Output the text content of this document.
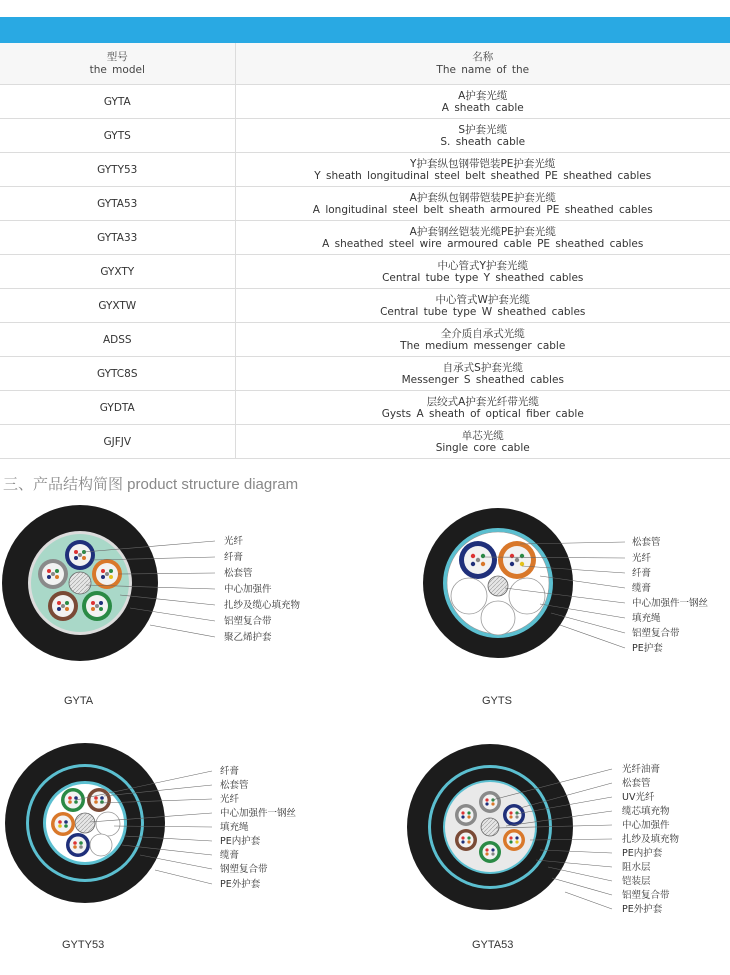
型号
the model	名称
The name of the

GYTA	A护套光缆
A sheath cable

GYTS	S护套光缆
S. sheath cable

GYTY53	Y护套纵包钢带铠装PE护套光缆
Y sheath longitudinal steel belt sheathed PE sheathed cables

GYTA53	A护套纵包钢带铠装PE护套光缆
A longitudinal steel belt sheath armoured PE sheathed cables

GYTA33	A护套钢丝铠装光缆PE护套光缆
A sheathed steel wire armoured cable PE sheathed cables

GYXTY	中心管式Y护套光缆
Central tube type Y sheathed cables

GYXTW	中心管式W护套光缆
Central tube type W sheathed cables

ADSS	全介质自承式光缆
The medium messenger cable

GYTC8S	自承式S护套光缆
Messenger S sheathed cables

GYDTA	层绞式A护套光纤带光缆
Gysts A sheath of optical fiber cable

GJFJV	单芯光缆
Single core cable
三、产品结构简图 product structure diagram
光纤
纤膏
松套管
中心加强件
扎纱及缆心填充物
铝塑复合带
聚乙烯护套
GYTA
松套管
光纤
纤膏
缆膏
中心加强件一钢丝
填充绳
铝塑复合带
PE护套
GYTS
纤膏
松套管
光纤
中心加强件一钢丝
填充绳
PE内护套
缆膏
钢塑复合带
PE外护套
GYTY53
光纤油膏
松套管
UV光纤
缆芯填充物
中心加强件
扎纱及填充物
PE内护套
阻水层
铠装层
铝塑复合带
PE外护套
GYTA53
